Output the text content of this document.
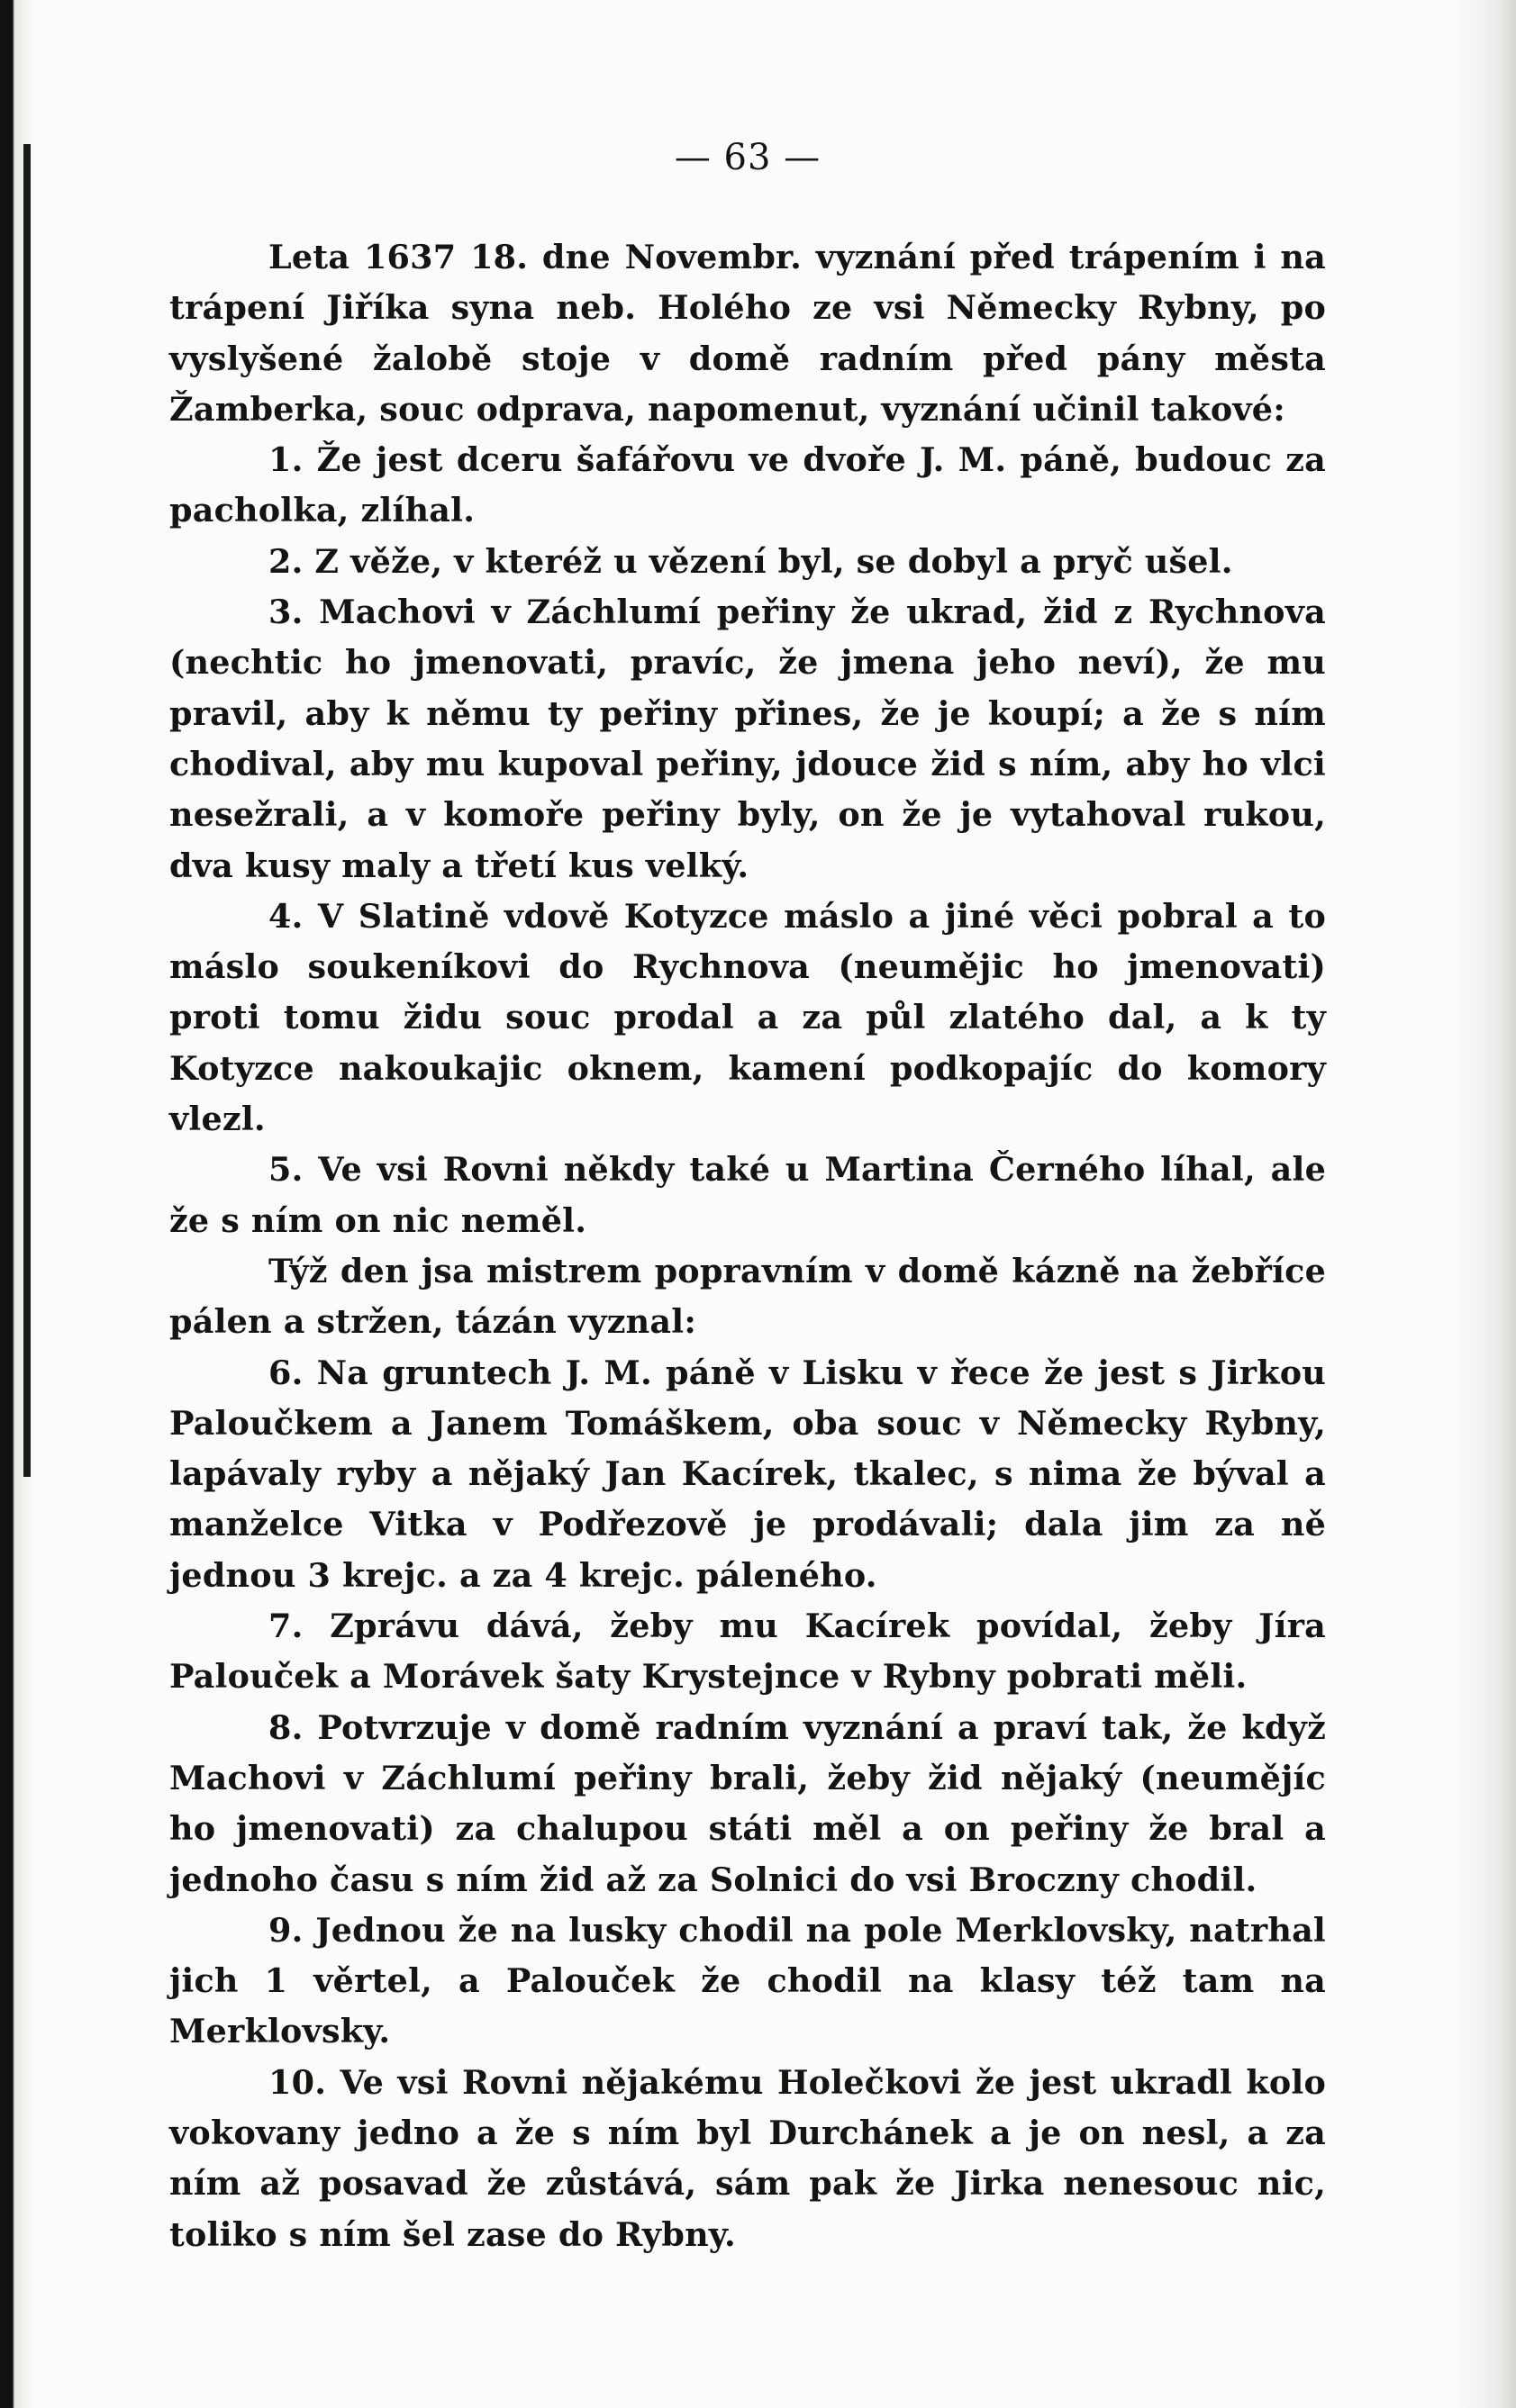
— 63 —

Leta 1637 18. dne Novembr. vyznání před trápením i na trápení Jiříka syna neb. Holého ze vsi Německy Rybny, po vyslyšené žalobě stoje v domě radním před pány města Žamberka, souc odprava, napomenut, vyznání učinil takové:

1. Že jest dceru šafářovu ve dvoře J. M. páně, budouc za pacholka, zlíhal.

2. Z věže, v kteréž u vězení byl, se dobyl a pryč ušel.

3. Machovi v Záchlumí peřiny že ukrad, žid z Rychnova (nechtic ho jmenovati, pravíc, že jmena jeho neví), že mu pravil, aby k němu ty peřiny přines, že je koupí; a že s ním chodival, aby mu kupoval peřiny, jdouce žid s ním, aby ho vlci nesežrali, a v komoře peřiny byly, on že je vytahoval rukou, dva kusy maly a třetí kus velký.

4. V Slatině vdově Kotyzce máslo a jiné věci pobral a to máslo soukeníkovi do Rychnova (neumějic ho jmenovati) proti tomu židu souc prodal a za půl zlatého dal, a k ty Kotyzce nakoukajic oknem, kamení podkopajíc do komory vlezl.

5. Ve vsi Rovni někdy také u Martina Černého líhal, ale že s ním on nic neměl.

Týž den jsa mistrem popravním v domě kázně na žebříce pálen a stržen, tázán vyznal:

6. Na gruntech J. M. páně v Lisku v řece že jest s Jirkou Paloučkem a Janem Tomáškem, oba souc v Německy Rybny, lapávaly ryby a nějaký Jan Kacírek, tkalec, s nima že býval a manželce Vitka v Podřezově je prodávali; dala jim za ně jednou 3 krejc. a za 4 krejc. páleného.

7. Zprávu dává, žeby mu Kacírek povídal, žeby Jíra Palouček a Morávek šaty Krystejnce v Rybny pobrati měli.

8. Potvrzuje v domě radním vyznání a praví tak, že když Machovi v Záchlumí peřiny brali, žeby žid nějaký (neumějíc ho jmenovati) za chalupou státi měl a on peřiny že bral a jednoho času s ním žid až za Solnici do vsi Broczny chodil.

9. Jednou že na lusky chodil na pole Merklovsky, natrhal jich 1 věrtel, a Palouček že chodil na klasy též tam na Merklovsky.

10. Ve vsi Rovni nějakému Holečkovi že jest ukradl kolo vokovany jedno a že s ním byl Durchánek a je on nesl, a za ním až posavad že zůstává, sám pak že Jirka nenesouc nic, toliko s ním šel zase do Rybny.
